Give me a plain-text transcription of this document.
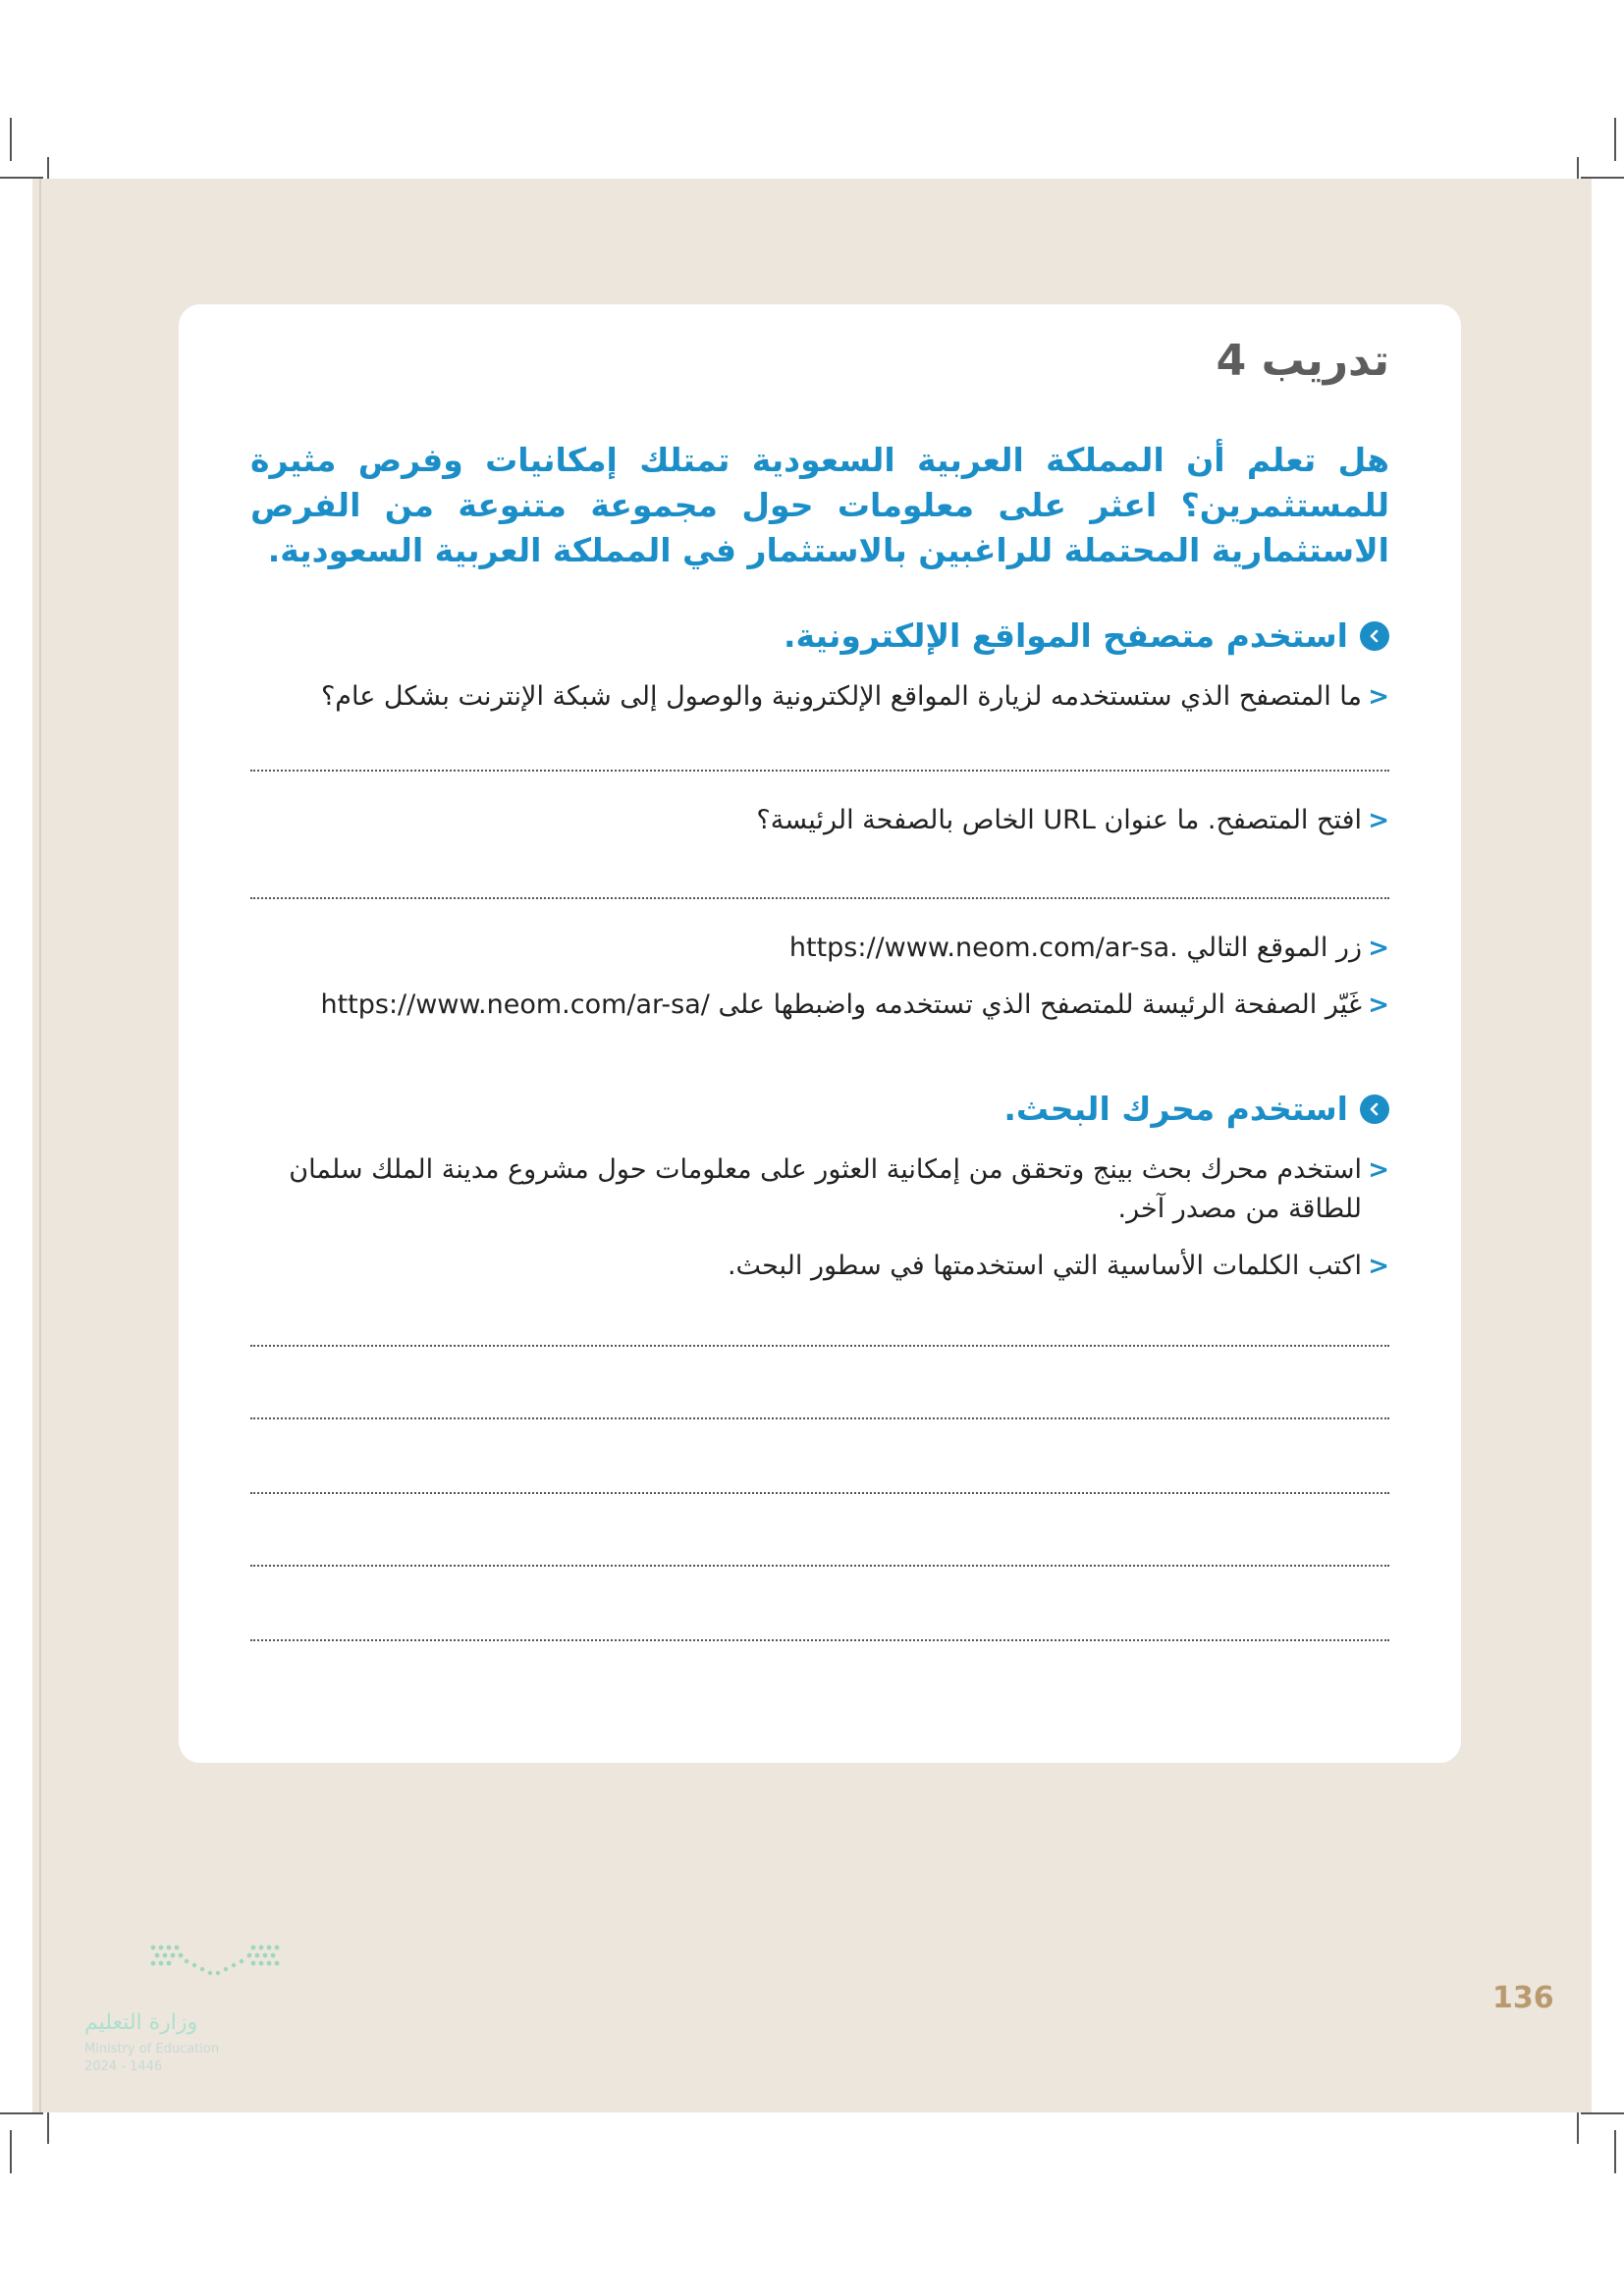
تدريب 4
هل تعلم أن المملكة العربية السعودية تمتلك إمكانيات وفرص مثيرة للمستثمرين؟ اعثر على معلومات حول مجموعة متنوعة من الفرص الاستثمارية المحتملة للراغبين بالاستثمار في المملكة العربية السعودية.
استخدم متصفح المواقع الإلكترونية.
<
ما المتصفح الذي ستستخدمه لزيارة المواقع الإلكترونية والوصول إلى شبكة الإنترنت بشكل عام؟
<
افتح المتصفح. ما عنوان URL الخاص بالصفحة الرئيسة؟
<
زر الموقع التالي https://www.neom.com/ar-sa.
<
غَيّر الصفحة الرئيسة للمتصفح الذي تستخدمه واضبطها على https://www.neom.com/ar-sa/
استخدم محرك البحث.
<
استخدم محرك بحث بينج وتحقق من إمكانية العثور على معلومات حول مشروع مدينة الملك سلمان للطاقة من مصدر آخر.
<
اكتب الكلمات الأساسية التي استخدمتها في سطور البحث.
136
وزارة التعليم
Ministry of Education
2024 - 1446
